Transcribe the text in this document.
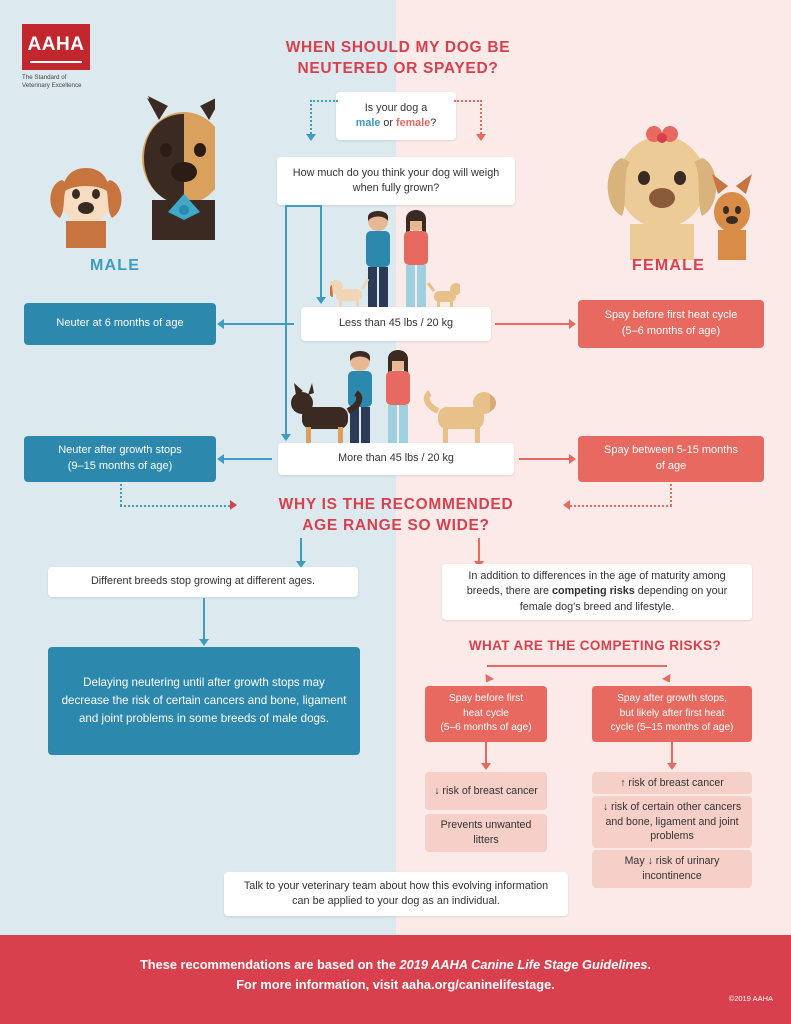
AAHA
The Standard of
Veterinary Excellence
WHEN SHOULD MY DOG BE
NEUTERED OR SPAYED?
Is your dog a
male or female?
How much do you think your dog will weigh when fully grown?
MALE	FEMALE
Less than 45 lbs / 20 kg
Neuter at 6 months of age
Spay before first heat cycle
(5–6 months of age)
More than 45 lbs / 20 kg
Neuter after growth stops
(9–15 months of age)
Spay between 5-15 months
of age
WHY IS THE RECOMMENDED
AGE RANGE SO WIDE?
Different breeds stop growing at different ages.
Delaying neutering until after growth stops may decrease the risk of certain cancers and bone, ligament and joint problems in some breeds of male dogs.
In addition to differences in the age of maturity among breeds, there are competing risks depending on your female dog's breed and lifestyle.
WHAT ARE THE COMPETING RISKS?
Spay before first
heat cycle
(5–6 months of age)
↓ risk of breast cancer
Prevents unwanted litters
Spay after growth stops,
but likely after first heat
cycle (5–15 months of age)
↑ risk of breast cancer
↓ risk of certain other cancers and bone, ligament and joint problems
May ↓ risk of urinary incontinence
Talk to your veterinary team about how this evolving information can be applied to your dog as an individual.
These recommendations are based on the 2019 AAHA Canine Life Stage Guidelines.
For more information, visit aaha.org/caninelifestage.
©2019 AAHA
